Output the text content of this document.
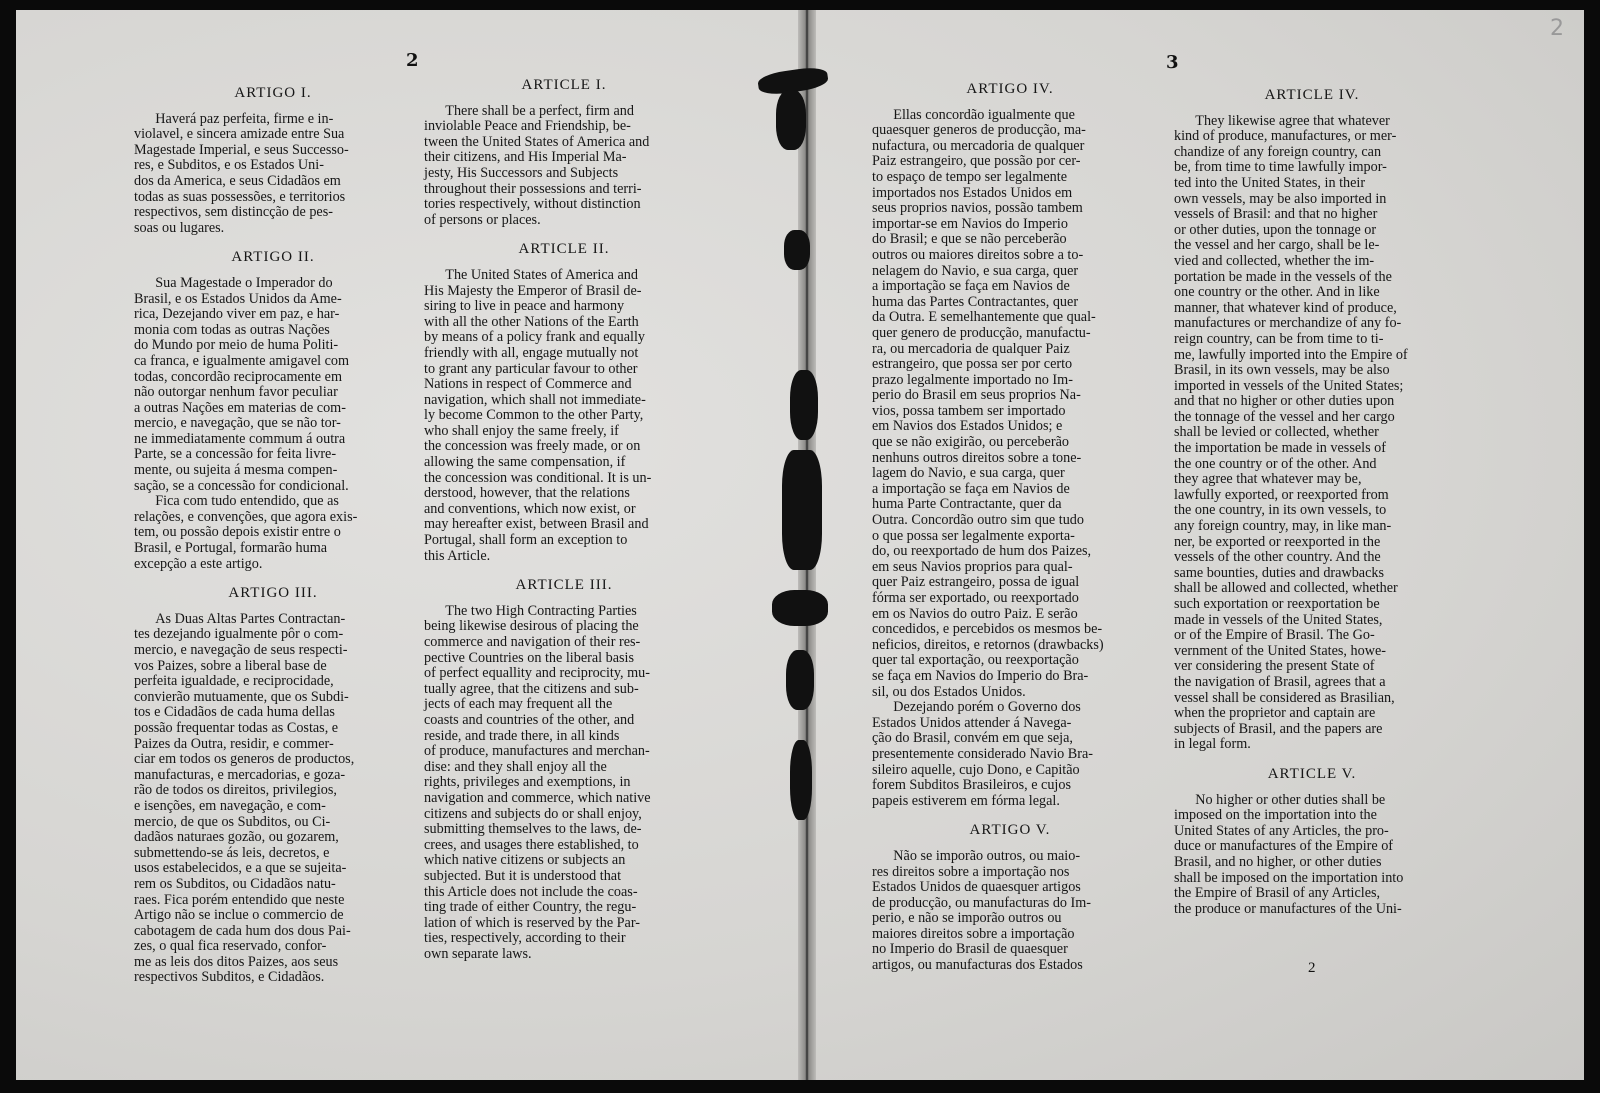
2	3
2
2
ARTIGO I.

Haverá paz perfeita, firme e in-
violavel, e sincera amizade entre Sua
Magestade Imperial, e seus Successo-
res, e Subditos, e os Estados Uni-
dos da America, e seus Cidadãos em
todas as suas possessões, e territorios
respectivos, sem distincção de pes-
soas ou lugares.

ARTIGO II.

Sua Magestade o Imperador do
Brasil, e os Estados Unidos da Ame-
rica, Dezejando viver em paz, e har-
monia com todas as outras Nações
do Mundo por meio de huma Politi-
ca franca, e igualmente amigavel com
todas, concordão reciprocamente em
não outorgar nenhum favor peculiar
a outras Nações em materias de com-
mercio, e navegação, que se não tor-
ne immediatamente commum á outra
Parte, se a concessão for feita livre-
mente, ou sujeita á mesma compen-
sação, se a concessão for condicional.

Fica com tudo entendido, que as
relações, e convenções, que agora exis-
tem, ou possão depois existir entre o
Brasil, e Portugal, formarão huma
excepção a este artigo.

ARTIGO III.

As Duas Altas Partes Contractan-
tes dezejando igualmente pôr o com-
mercio, e navegação de seus respecti-
vos Paizes, sobre a liberal base de
perfeita igualdade, e reciprocidade,
convierão mutuamente, que os Subdi-
tos e Cidadãos de cada huma dellas
possão frequentar todas as Costas, e
Paizes da Outra, residir, e commer-
ciar em todos os generos de productos,
manufacturas, e mercadorias, e goza-
rão de todos os direitos, privilegios,
e isenções, em navegação, e com-
mercio, de que os Subditos, ou Ci-
dadãos naturaes gozão, ou gozarem,
submettendo-se ás leis, decretos, e
usos estabelecidos, e a que se sujeita-
rem os Subditos, ou Cidadãos natu-
raes. Fica porém entendido que neste
Artigo não se inclue o commercio de
cabotagem de cada hum dos dous Pai-
zes, o qual fica reservado, confor-
me as leis dos ditos Paizes, aos seus
respectivos Subditos, e Cidadãos.

ARTICLE I.

There shall be a perfect, firm and
inviolable Peace and Friendship, be-
tween the United States of America and
their citizens, and His Imperial Ma-
jesty, His Successors and Subjects
throughout their possessions and terri-
tories respectively, without distinction
of persons or places.

ARTICLE II.

The United States of America and
His Majesty the Emperor of Brasil de-
siring to live in peace and harmony
with all the other Nations of the Earth
by means of a policy frank and equally
friendly with all, engage mutually not
to grant any particular favour to other
Nations in respect of Commerce and
navigation, which shall not immediate-
ly become Common to the other Party,
who shall enjoy the same freely, if
the concession was freely made, or on
allowing the same compensation, if
the concession was conditional. It is un-
derstood, however, that the relations
and conventions, which now exist, or
may hereafter exist, between Brasil and
Portugal, shall form an exception to
this Article.

ARTICLE III.

The two High Contracting Parties
being likewise desirous of placing the
commerce and navigation of their res-
pective Countries on the liberal basis
of perfect equallity and reciprocity, mu-
tually agree, that the citizens and sub-
jects of each may frequent all the
coasts and countries of the other, and
reside, and trade there, in all kinds
of produce, manufactures and merchan-
dise: and they shall enjoy all the
rights, privileges and exemptions, in
navigation and commerce, which native
citizens and subjects do or shall enjoy,
submitting themselves to the laws, de-
crees, and usages there established, to
which native citizens or subjects an
subjected. But it is understood that
this Article does not include the coas-
ting trade of either Country, the regu-
lation of which is reserved by the Par-
ties, respectively, according to their
own separate laws.

ARTIGO IV.

Ellas concordão igualmente que
quaesquer generos de producção, ma-
nufactura, ou mercadoria de qualquer
Paiz estrangeiro, que possão por cer-
to espaço de tempo ser legalmente
importados nos Estados Unidos em
seus proprios navios, possão tambem
importar-se em Navios do Imperio
do Brasil; e que se não perceberão
outros ou maiores direitos sobre a to-
nelagem do Navio, e sua carga, quer
a importação se faça em Navios de
huma das Partes Contractantes, quer
da Outra. E semelhantemente que qual-
quer genero de producção, manufactu-
ra, ou mercadoria de qualquer Paiz
estrangeiro, que possa ser por certo
prazo legalmente importado no Im-
perio do Brasil em seus proprios Na-
vios, possa tambem ser importado
em Navios dos Estados Unidos; e
que se não exigirão, ou perceberão
nenhuns outros direitos sobre a tone-
lagem do Navio, e sua carga, quer
a importação se faça em Navios de
huma Parte Contractante, quer da
Outra. Concordão outro sim que tudo
o que possa ser legalmente exporta-
do, ou reexportado de hum dos Paizes,
em seus Navios proprios para qual-
quer Paiz estrangeiro, possa de igual
fórma ser exportado, ou reexportado
em os Navios do outro Paiz. E serão
concedidos, e percebidos os mesmos be-
neficios, direitos, e retornos (drawbacks)
quer tal exportação, ou reexportação
se faça em Navios do Imperio do Bra-
sil, ou dos Estados Unidos.

Dezejando porém o Governo dos
Estados Unidos attender á Navega-
ção do Brasil, convém em que seja,
presentemente considerado Navio Bra-
sileiro aquelle, cujo Dono, e Capitão
forem Subditos Brasileiros, e cujos
papeis estiverem em fórma legal.

ARTIGO V.

Não se imporão outros, ou maio-
res direitos sobre a importação nos
Estados Unidos de quaesquer artigos
de producção, ou manufacturas do Im-
perio, e não se imporão outros ou
maiores direitos sobre a importação
no Imperio do Brasil de quaesquer
artigos, ou manufacturas dos Estados

ARTICLE IV.

They likewise agree that whatever
kind of produce, manufactures, or mer-
chandize of any foreign country, can
be, from time to time lawfully impor-
ted into the United States, in their
own vessels, may be also imported in
vessels of Brasil: and that no higher
or other duties, upon the tonnage or
the vessel and her cargo, shall be le-
vied and collected, whether the im-
portation be made in the vessels of the
one country or the other. And in like
manner, that whatever kind of produce,
manufactures or merchandize of any fo-
reign country, can be from time to ti-
me, lawfully imported into the Empire of
Brasil, in its own vessels, may be also
imported in vessels of the United States;
and that no higher or other duties upon
the tonnage of the vessel and her cargo
shall be levied or collected, whether
the importation be made in vessels of
the one country or of the other. And
they agree that whatever may be,
lawfully exported, or reexported from
the one country, in its own vessels, to
any foreign country, may, in like man-
ner, be exported or reexported in the
vessels of the other country. And the
same bounties, duties and drawbacks
shall be allowed and collected, whether
such exportation or reexportation be
made in vessels of the United States,
or of the Empire of Brasil. The Go-
vernment of the United States, howe-
ver considering the present State of
the navigation of Brasil, agrees that a
vessel shall be considered as Brasilian,
when the proprietor and captain are
subjects of Brasil, and the papers are
in legal form.

ARTICLE V.

No higher or other duties shall be
imposed on the importation into the
United States of any Articles, the pro-
duce or manufactures of the Empire of
Brasil, and no higher, or other duties
shall be imposed on the importation into
the Empire of Brasil of any Articles,
the produce or manufactures of the Uni-
